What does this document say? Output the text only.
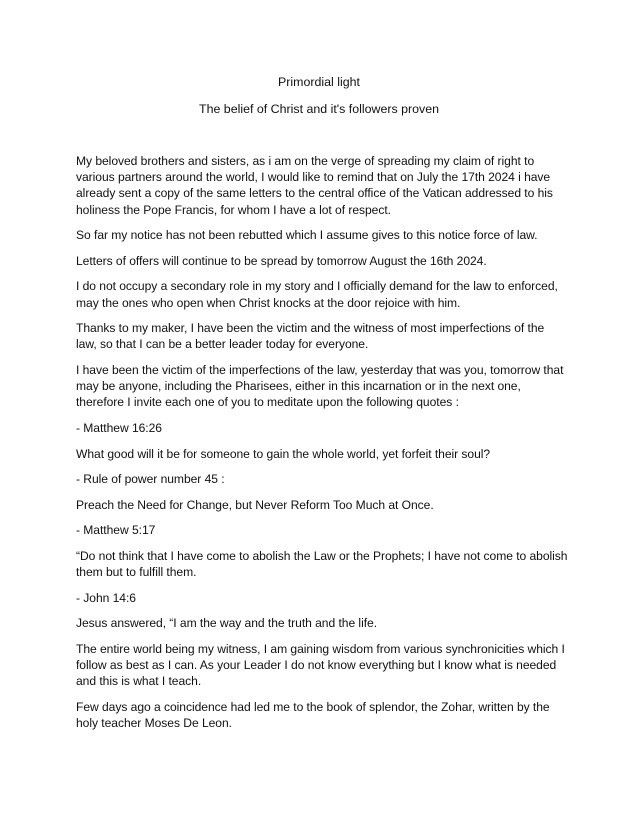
Primordial light
The belief of Christ and it's followers proven

My beloved brothers and sisters, as i am on the verge of spreading my claim of right to various partners around the world, I would like to remind that on July the 17th 2024 i have already sent a copy of the same letters to the central office of the Vatican addressed to his holiness the Pope Francis, for whom I have a lot of respect.

So far my notice has not been rebutted which I assume gives to this notice force of law.

Letters of offers will continue to be spread by tomorrow August the 16th 2024.

I do not occupy a secondary role in my story and I officially demand for the law to enforced, may the ones who open when Christ knocks at the door rejoice with him.

Thanks to my maker, I have been the victim and the witness of most imperfections of the law, so that I can be a better leader today for everyone.

I have been the victim of the imperfections of the law, yesterday that was you, tomorrow that may be anyone, including the Pharisees, either in this incarnation or in the next one, therefore I invite each one of you to meditate upon the following quotes :

- Matthew 16:26

What good will it be for someone to gain the whole world, yet forfeit their soul?

- Rule of power number 45 :

Preach the Need for Change, but Never Reform Too Much at Once.

- Matthew 5:17

“Do not think that I have come to abolish the Law or the Prophets; I have not come to abolish them but to fulfill them.

- John 14:6

Jesus answered, “I am the way and the truth and the life.

The entire world being my witness, I am gaining wisdom from various synchronicities which I follow as best as I can. As your Leader I do not know everything but I know what is needed and this is what I teach.

Few days ago a coincidence had led me to the book of splendor, the Zohar, written by the holy teacher Moses De Leon.
